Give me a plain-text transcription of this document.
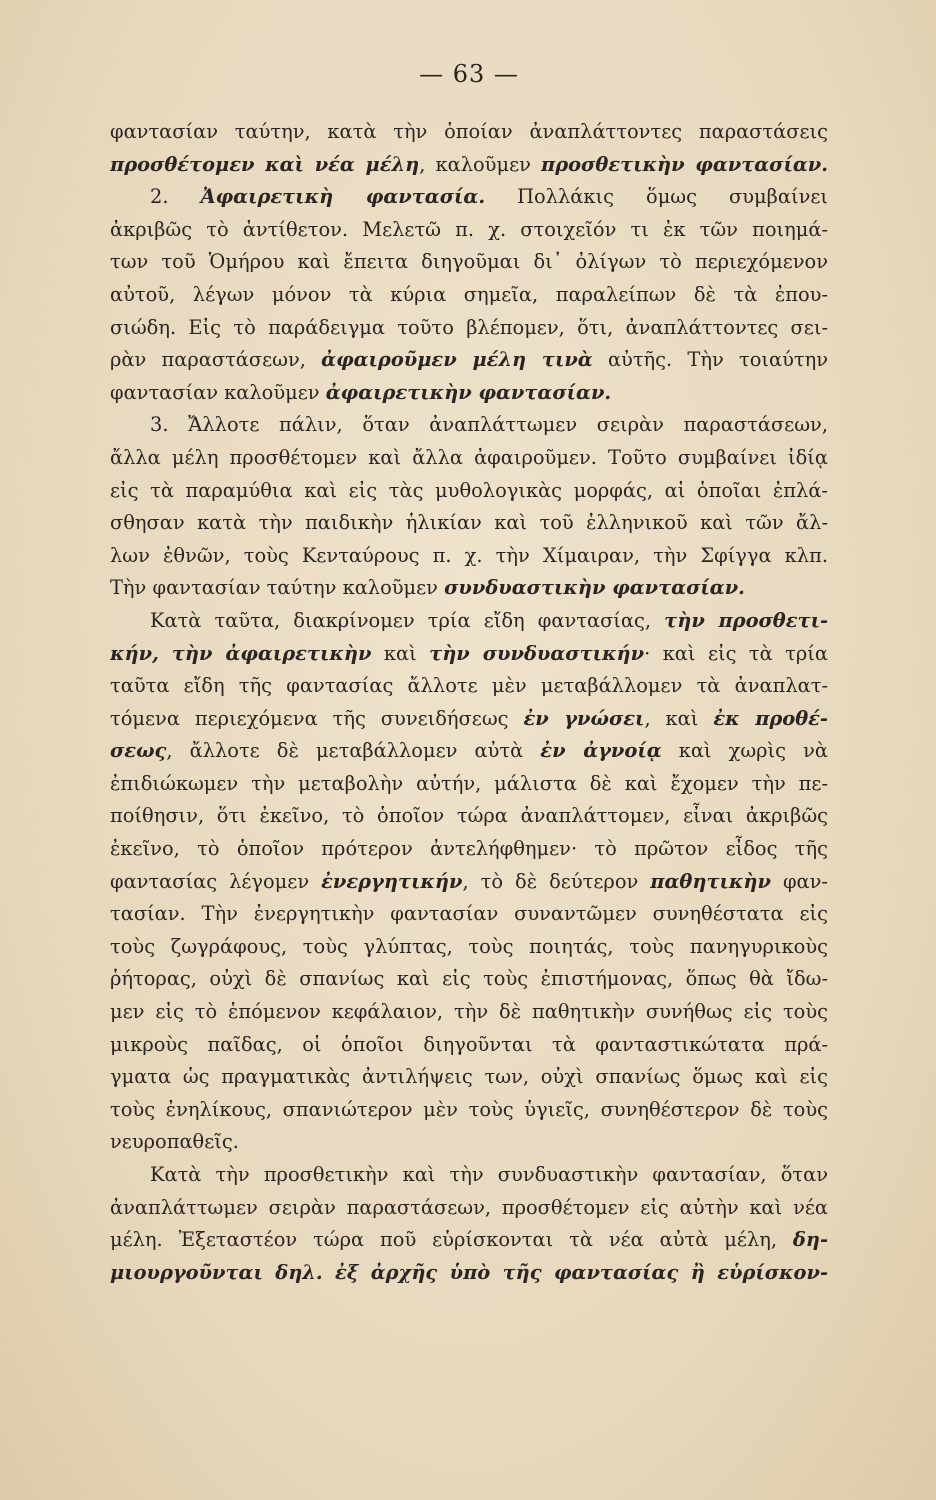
— 63 —
φαντασίαν ταύτην, κατὰ τὴν ὁποίαν ἀναπλάττοντες παραστάσεις
προσθέτομεν καὶ νέα μέλη, καλοῦμεν προσθετικὴν φαντασίαν.
2. Ἀφαιρετικὴ φαντασία. Πολλάκις ὅμως συμβαίνει
ἀκριβῶς τὸ ἀντίθετον. Μελετῶ π. χ. στοιχεῖόν τι ἐκ τῶν ποιημά-
των τοῦ Ὁμήρου καὶ ἔπειτα διηγοῦμαι δι᾽ ὀλίγων τὸ περιεχόμενον
αὐτοῦ, λέγων μόνον τὰ κύρια σημεῖα, παραλείπων δὲ τὰ ἐπου-
σιώδη. Εἰς τὸ παράδειγμα τοῦτο βλέπομεν, ὅτι, ἀναπλάττοντες σει-
ρὰν παραστάσεων, ἀφαιροῦμεν μέλη τινὰ αὐτῆς. Τὴν τοιαύτην
φαντασίαν καλοῦμεν ἀφαιρετικὴν φαντασίαν.
3. Ἄλλοτε πάλιν, ὅταν ἀναπλάττωμεν σειρὰν παραστάσεων,
ἄλλα μέλη προσθέτομεν καὶ ἄλλα ἀφαιροῦμεν. Τοῦτο συμβαίνει ἰδίᾳ
εἰς τὰ παραμύθια καὶ εἰς τὰς μυθολογικὰς μορφάς, αἱ ὁποῖαι ἐπλά-
σθησαν κατὰ τὴν παιδικὴν ἡλικίαν καὶ τοῦ ἑλληνικοῦ καὶ τῶν ἄλ-
λων ἐθνῶν, τοὺς Κενταύρους π. χ. τὴν Χίμαιραν, τὴν Σφίγγα κλπ.
Τὴν φαντασίαν ταύτην καλοῦμεν συνδυαστικὴν φαντασίαν.
Κατὰ ταῦτα, διακρίνομεν τρία εἴδη φαντασίας, τὴν προσθετι-
κήν, τὴν ἀφαιρετικὴν καὶ τὴν συνδυαστικήν· καὶ εἰς τὰ τρία
ταῦτα εἴδη τῆς φαντασίας ἄλλοτε μὲν μεταβάλλομεν τὰ ἀναπλατ-
τόμενα περιεχόμενα τῆς συνειδήσεως ἐν γνώσει, καὶ ἐκ προθέ-
σεως, ἄλλοτε δὲ μεταβάλλομεν αὐτὰ ἐν ἀγνοίᾳ καὶ χωρὶς νὰ
ἐπιδιώκωμεν τὴν μεταβολὴν αὐτήν, μάλιστα δὲ καὶ ἔχομεν τὴν πε-
ποίθησιν, ὅτι ἐκεῖνο, τὸ ὁποῖον τώρα ἀναπλάττομεν, εἶναι ἀκριβῶς
ἐκεῖνο, τὸ ὁποῖον πρότερον ἀντελήφθημεν· τὸ πρῶτον εἶδος τῆς
φαντασίας λέγομεν ἐνεργητικήν, τὸ δὲ δεύτερον παθητικὴν φαν-
τασίαν. Τὴν ἐνεργητικὴν φαντασίαν συναντῶμεν συνηθέστατα εἰς
τοὺς ζωγράφους, τοὺς γλύπτας, τοὺς ποιητάς, τοὺς πανηγυρικοὺς
ῥήτορας, οὐχὶ δὲ σπανίως καὶ εἰς τοὺς ἐπιστήμονας, ὅπως θὰ ἴδω-
μεν εἰς τὸ ἑπόμενον κεφάλαιον, τὴν δὲ παθητικὴν συνήθως εἰς τοὺς
μικροὺς παῖδας, οἱ ὁποῖοι διηγοῦνται τὰ φανταστικώτατα πρά-
γματα ὡς πραγματικὰς ἀντιλήψεις των, οὐχὶ σπανίως ὅμως καὶ εἰς
τοὺς ἐνηλίκους, σπανιώτερον μὲν τοὺς ὑγιεῖς, συνηθέστερον δὲ τοὺς
νευροπαθεῖς.
Κατὰ τὴν προσθετικὴν καὶ τὴν συνδυαστικὴν φαντασίαν, ὅταν
ἀναπλάττωμεν σειρὰν παραστάσεων, προσθέτομεν εἰς αὐτὴν καὶ νέα
μέλη. Ἐξεταστέον τώρα ποῦ εὑρίσκονται τὰ νέα αὐτὰ μέλη, δη-
μιουργοῦνται δηλ. ἐξ ἀρχῆς ὑπὸ τῆς φαντασίας ἢ εὑρίσκον-
